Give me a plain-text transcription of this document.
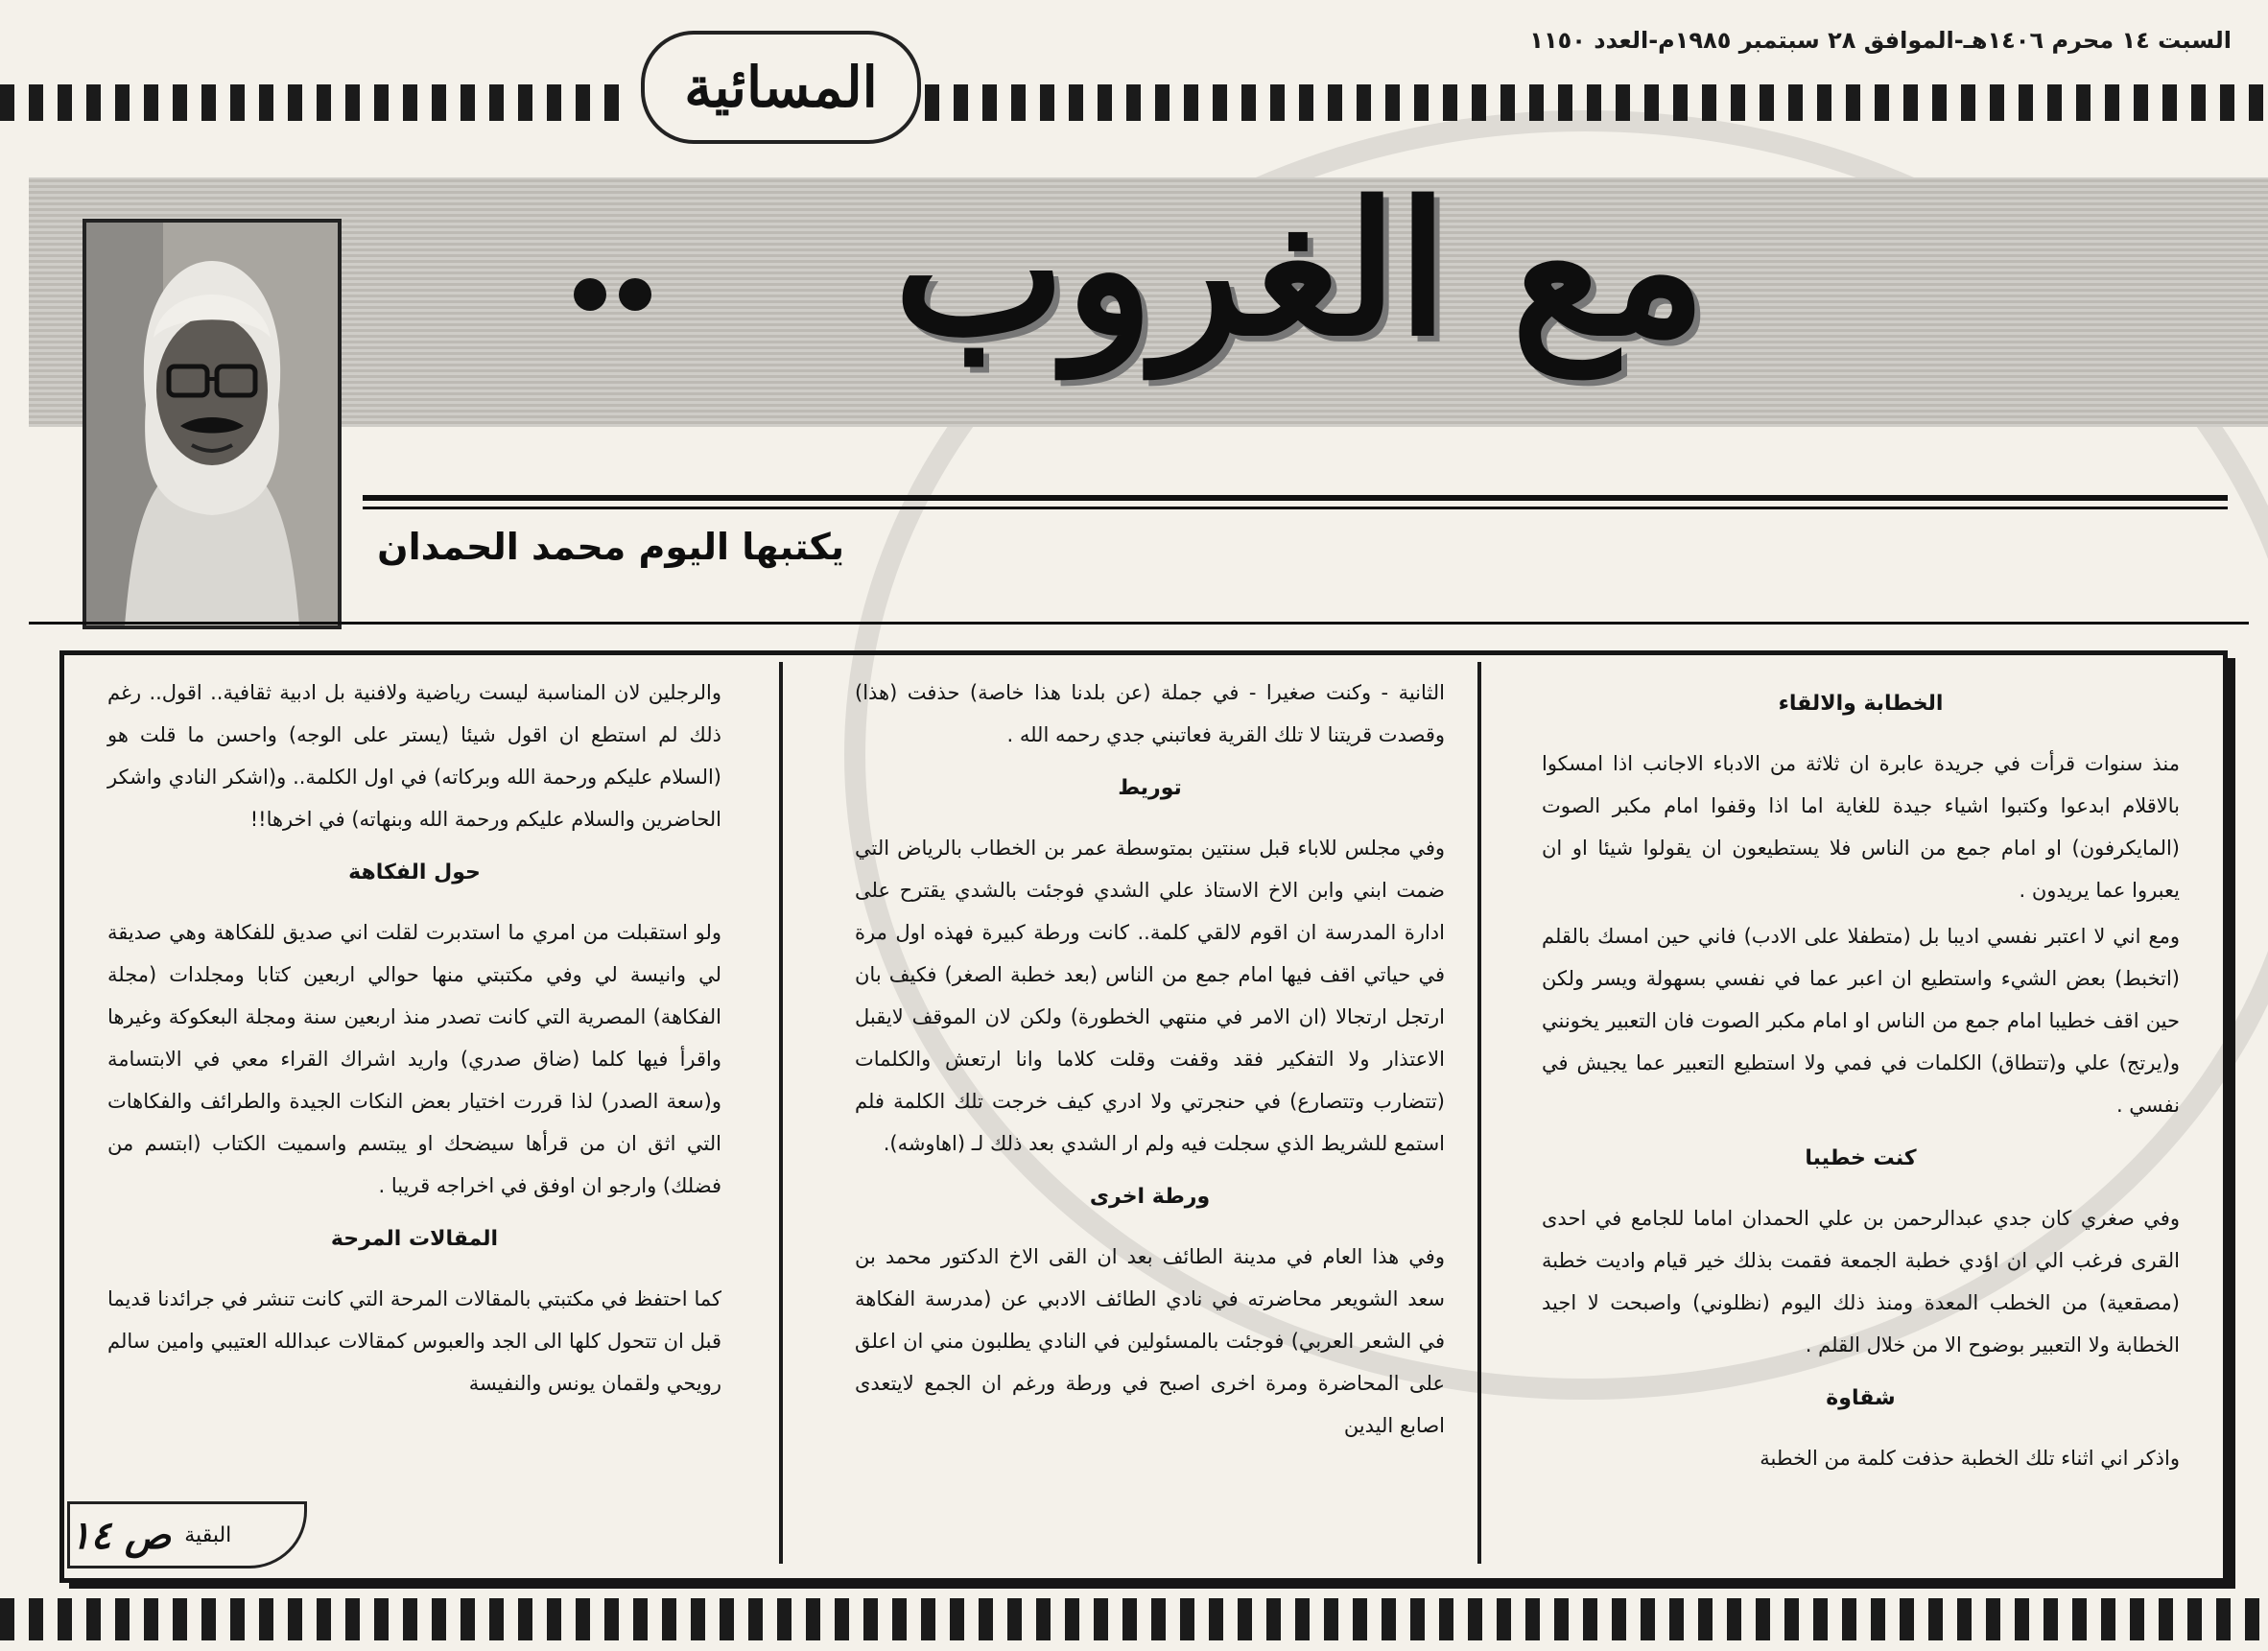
السبت ١٤ محرم ١٤٠٦هـ-الموافق ٢٨ سبتمبر ١٩٨٥م-العدد ١١٥٠
المسائية
مع الغروب
يكتبها اليوم محمد الحمدان
الخطابة والالقاء

منذ سنوات قرأت في جريدة عابرة ان ثلاثة من الادباء الاجانب اذا امسكوا بالاقلام ابدعوا وكتبوا اشياء جيدة للغاية اما اذا وقفوا امام مكبر الصوت (المايكرفون) او امام جمع من الناس فلا يستطيعون ان يقولوا شيئا او ان يعبروا عما يريدون .

ومع اني لا اعتبر نفسي اديبا بل (متطفلا على الادب) فاني حين امسك بالقلم (اتخبط) بعض الشيء واستطيع ان اعبر عما في نفسي بسهولة ويسر ولكن حين اقف خطيبا امام جمع من الناس او امام مكبر الصوت فان التعبير يخونني و(يرتج) علي و(تتطاق) الكلمات في فمي ولا استطيع التعبير عما يجيش في نفسي .

كنت خطيبا

وفي صغري كان جدي عبدالرحمن بن علي الحمدان اماما للجامع في احدى القرى فرغب الي ان اؤدي خطبة الجمعة فقمت بذلك خير قيام واديت خطبة (مصقعية) من الخطب المعدة ومنذ ذلك اليوم (نظلوني) واصبحت لا اجيد الخطابة ولا التعبير بوضوح الا من خلال القلم .

شقاوة

واذكر اني اثناء تلك الخطبة حذفت كلمة من الخطبة

الثانية - وكنت صغيرا - في جملة (عن بلدنا هذا خاصة) حذفت (هذا) وقصدت قريتنا لا تلك القرية فعاتبني جدي رحمه الله .

توريط

وفي مجلس للاباء قبل سنتين بمتوسطة عمر بن الخطاب بالرياض التي ضمت ابني وابن الاخ الاستاذ علي الشدي فوجئت بالشدي يقترح على ادارة المدرسة ان اقوم لالقي كلمة.. كانت ورطة كبيرة فهذه اول مرة في حياتي اقف فيها امام جمع من الناس (بعد خطبة الصغر) فكيف بان ارتجل ارتجالا (ان الامر في منتهي الخطورة) ولكن لان الموقف لايقبل الاعتذار ولا التفكير فقد وقفت وقلت كلاما وانا ارتعش والكلمات (تتضارب وتتصارع) في حنجرتي ولا ادري كيف خرجت تلك الكلمة فلم استمع للشريط الذي سجلت فيه ولم ار الشدي بعد ذلك لـ (اهاوشه).

ورطة اخرى

وفي هذا العام في مدينة الطائف بعد ان القى الاخ الدكتور محمد بن سعد الشويعر محاضرته في نادي الطائف الادبي عن (مدرسة الفكاهة في الشعر العربي) فوجئت بالمسئولين في النادي يطلبون مني ان اعلق على المحاضرة ومرة اخرى اصبح في ورطة ورغم ان الجمع لايتعدى اصابع اليدين

والرجلين لان المناسبة ليست رياضية ولافنية بل ادبية ثقافية.. اقول.. رغم ذلك لم استطع ان اقول شيئا (يستر على الوجه) واحسن ما قلت هو (السلام عليكم ورحمة الله وبركاته) في اول الكلمة.. و(اشكر النادي واشكر الحاضرين والسلام عليكم ورحمة الله وبنهاته) في اخرها!!

حول الفكاهة

ولو استقبلت من امري ما استدبرت لقلت اني صديق للفكاهة وهي صديقة لي وانيسة لي وفي مكتبتي منها حوالي اربعين كتابا ومجلدات (مجلة الفكاهة) المصرية التي كانت تصدر منذ اربعين سنة ومجلة البعكوكة وغيرها واقرأ فيها كلما (ضاق صدري) واريد اشراك القراء معي في الابتسامة و(سعة الصدر) لذا قررت اختيار بعض النكات الجيدة والطرائف والفكاهات التي اثق ان من قرأها سيضحك او يبتسم واسميت الكتاب (ابتسم من فضلك) وارجو ان اوفق في اخراجه قريبا .

المقالات المرحة

كما احتفظ في مكتبتي بالمقالات المرحة التي كانت تنشر في جرائدنا قديما قبل ان تتحول كلها الى الجد والعبوس كمقالات عبدالله العتيبي وامين سالم رويحي ولقمان يونس والنفيسة

البقية
ص ١٤
